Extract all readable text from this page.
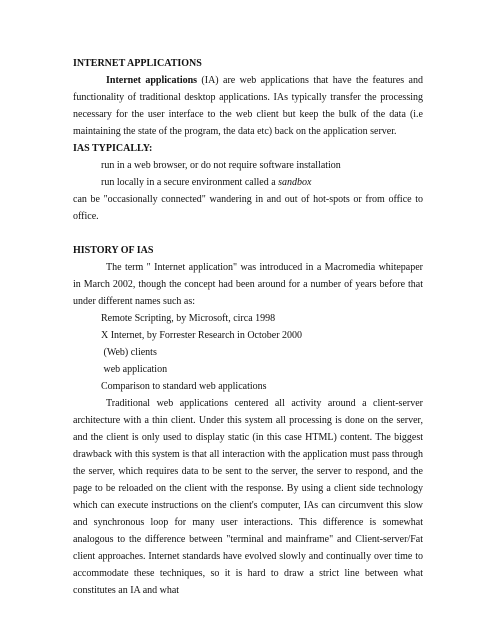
INTERNET APPLICATIONS

Internet applications (IA) are web applications that have the features and functionality of traditional desktop applications. IAs typically transfer the processing necessary for the user interface to the web client but keep the bulk of the data (i.e maintaining the state of the program, the data etc) back on the application server.

IAS TYPICALLY:

run in a web browser, or do not require software installation

run locally in a secure environment called a sandbox

can be "occasionally connected" wandering in and out of hot-spots or from office to office.

HISTORY OF IAS

The term " Internet application" was introduced in a Macromedia whitepaper in March 2002, though the concept had been around for a number of years before that under different names such as:

Remote Scripting, by Microsoft, circa 1998

X Internet, by Forrester Research in October 2000

(Web) clients

web application

Comparison to standard web applications

Traditional web applications centered all activity around a client-server architecture with a thin client. Under this system all processing is done on the server, and the client is only used to display static (in this case HTML) content. The biggest drawback with this system is that all interaction with the application must pass through the server, which requires data to be sent to the server, the server to respond, and the page to be reloaded on the client with the response. By using a client side technology which can execute instructions on the client's computer, IAs can circumvent this slow and synchronous loop for many user interactions. This difference is somewhat analogous to the difference between "terminal and mainframe" and Client-server/Fat client approaches. Internet standards have evolved slowly and continually over time to accommodate these techniques, so it is hard to draw a strict line between what constitutes an IA and what
